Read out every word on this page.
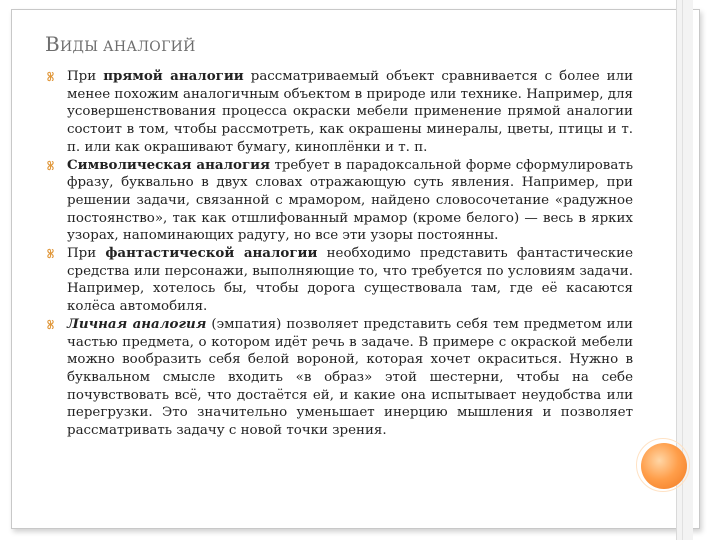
ВИДЫ АНАЛОГИЙ
При прямой аналогии рассматриваемый объект сравнивается с более или менее похожим аналогичным объектом в природе или технике. Например, для усовершенствования процесса окраски мебели применение прямой аналогии состоит в том, чтобы рассмотреть, как окрашены минералы, цветы, птицы и т. п. или как окрашивают бумагу, киноплёнки и т. п.
Символическая аналогия требует в парадоксальной форме сформулировать фразу, буквально в двух словах отражающую суть явления. Например, при решении задачи, связанной с мрамором, найдено словосочетание «радужное постоянство», так как отшлифованный мрамор (кроме белого) — весь в ярких узорах, напоминающих радугу, но все эти узоры постоянны.
При фантастической аналогии необходимо представить фантастические средства или персонажи, выполняющие то, что требуется по условиям задачи. Например, хотелось бы, чтобы дорога существовала там, где её касаются колёса автомобиля.
Личная аналогия (эмпатия) позволяет представить себя тем предметом или частью предмета, о котором идёт речь в задаче. В примере с окраской мебели можно вообразить себя белой вороной, которая хочет окраситься. Нужно в буквальном смысле входить «в образ» этой шестерни, чтобы на себе почувствовать всё, что достаётся ей, и какие она испытывает неудобства или перегрузки. Это значительно уменьшает инерцию мышления и позволяет рассматривать задачу с новой точки зрения.
